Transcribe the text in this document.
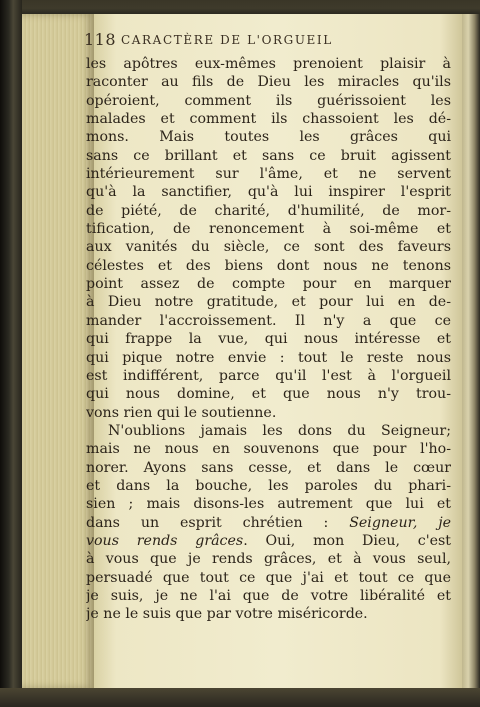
118 CARACTÈRE DE L'ORGUEIL
les apôtres eux-mêmes prenoient plaisir à
raconter au fils de Dieu les miracles qu'ils
opéroient, comment ils guérissoient les
malades et comment ils chassoient les dé-
mons. Mais toutes les grâces qui
sans ce brillant et sans ce bruit agissent
intérieurement sur l'âme, et ne servent
qu'à la sanctifier, qu'à lui inspirer l'esprit
de piété, de charité, d'humilité, de mor-
tification, de renoncement à soi-même et
aux vanités du siècle, ce sont des faveurs
célestes et des biens dont nous ne tenons
point assez de compte pour en marquer
à Dieu notre gratitude, et pour lui en de-
mander l'accroissement. Il n'y a que ce
qui frappe la vue, qui nous intéresse et
qui pique notre envie : tout le reste nous
est indifférent, parce qu'il l'est à l'orgueil
qui nous domine, et que nous n'y trou-
vons rien qui le soutienne.
N'oublions jamais les dons du Seigneur;
mais ne nous en souvenons que pour l'ho-
norer. Ayons sans cesse, et dans le cœur
et dans la bouche, les paroles du phari-
sien ; mais disons-les autrement que lui et
dans un esprit chrétien : Seigneur, je
vous rends grâces. Oui, mon Dieu, c'est
à vous que je rends grâces, et à vous seul,
persuadé que tout ce que j'ai et tout ce que
je suis, je ne l'ai que de votre libéralité et
je ne le suis que par votre miséricorde.
